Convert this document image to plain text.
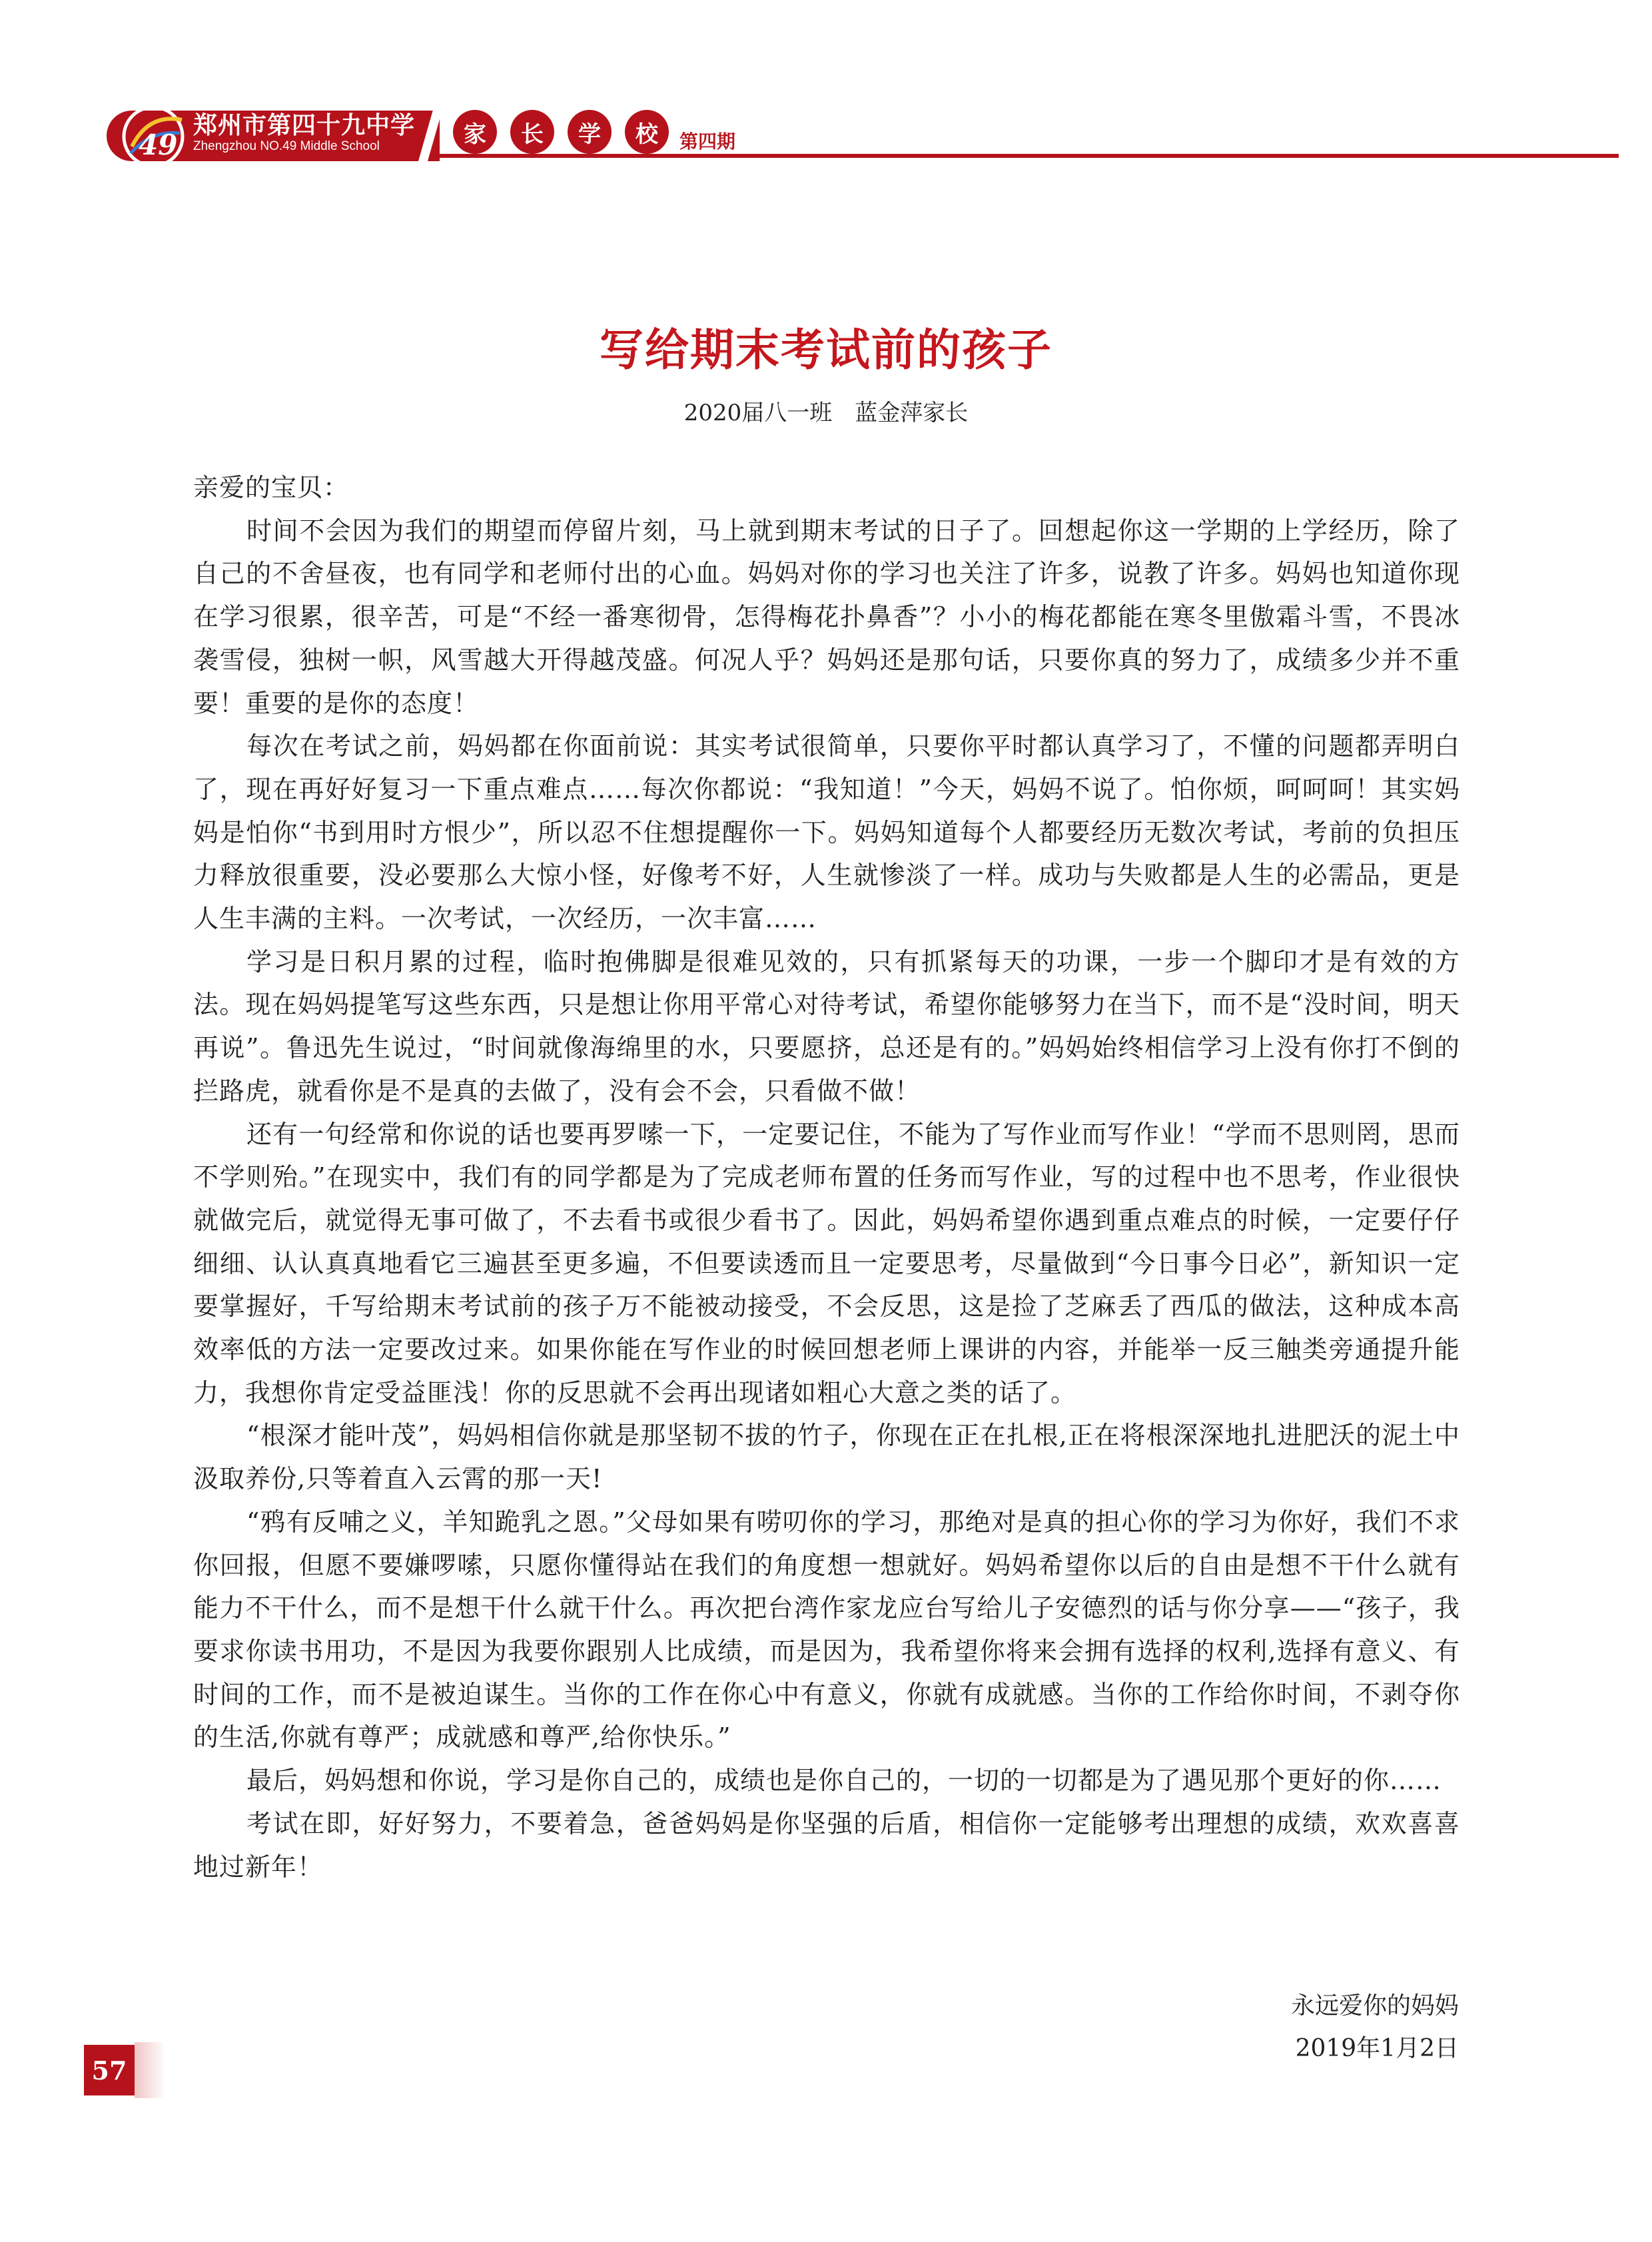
49
郑州市第四十九中学
Zhengzhou NO.49 Middle School	家	长	学	校	第四期
写给期末考试前的孩子
2020届八一班　蓝金萍家长

亲爱的宝贝：

时间不会因为我们的期望而停留片刻，马上就到期末考试的日子了。回想起你这一学期的上学经历，除了自己的不舍昼夜，也有同学和老师付出的心血。妈妈对你的学习也关注了许多，说教了许多。妈妈也知道你现在学习很累，很辛苦，可是“不经一番寒彻骨，怎得梅花扑鼻香”？小小的梅花都能在寒冬里傲霜斗雪，不畏冰袭雪侵，独树一帜，风雪越大开得越茂盛。何况人乎？妈妈还是那句话，只要你真的努力了，成绩多少并不重要！重要的是你的态度！

每次在考试之前，妈妈都在你面前说：其实考试很简单，只要你平时都认真学习了，不懂的问题都弄明白了，现在再好好复习一下重点难点……每次你都说：“我知道！”今天，妈妈不说了。怕你烦，呵呵呵！其实妈妈是怕你“书到用时方恨少”，所以忍不住想提醒你一下。妈妈知道每个人都要经历无数次考试，考前的负担压力释放很重要，没必要那么大惊小怪，好像考不好，人生就惨淡了一样。成功与失败都是人生的必需品，更是人生丰满的主料。一次考试，一次经历，一次丰富……

学习是日积月累的过程，临时抱佛脚是很难见效的，只有抓紧每天的功课，一步一个脚印才是有效的方法。现在妈妈提笔写这些东西，只是想让你用平常心对待考试，希望你能够努力在当下，而不是“没时间，明天再说”。鲁迅先生说过，“时间就像海绵里的水，只要愿挤，总还是有的。”妈妈始终相信学习上没有你打不倒的拦路虎，就看你是不是真的去做了，没有会不会，只看做不做！

还有一句经常和你说的话也要再罗嗦一下，一定要记住，不能为了写作业而写作业！“学而不思则罔，思而不学则殆。”在现实中，我们有的同学都是为了完成老师布置的任务而写作业，写的过程中也不思考，作业很快就做完后，就觉得无事可做了，不去看书或很少看书了。因此，妈妈希望你遇到重点难点的时候，一定要仔仔细细、认认真真地看它三遍甚至更多遍，不但要读透而且一定要思考，尽量做到“今日事今日必”，新知识一定要掌握好，千写给期末考试前的孩子万不能被动接受，不会反思，这是捡了芝麻丢了西瓜的做法，这种成本高效率低的方法一定要改过来。如果你能在写作业的时候回想老师上课讲的内容，并能举一反三触类旁通提升能力，我想你肯定受益匪浅！你的反思就不会再出现诸如粗心大意之类的话了。

“根深才能叶茂”，妈妈相信你就是那坚韧不拔的竹子，你现在正在扎根,正在将根深深地扎进肥沃的泥土中汲取养份,只等着直入云霄的那一天!

“鸦有反哺之义，羊知跪乳之恩。”父母如果有唠叨你的学习，那绝对是真的担心你的学习为你好，我们不求你回报，但愿不要嫌啰嗦，只愿你懂得站在我们的角度想一想就好。妈妈希望你以后的自由是想不干什么就有能力不干什么，而不是想干什么就干什么。再次把台湾作家龙应台写给儿子安德烈的话与你分享——“孩子，我要求你读书用功，不是因为我要你跟别人比成绩，而是因为，我希望你将来会拥有选择的权利,选择有意义、有时间的工作，而不是被迫谋生。当你的工作在你心中有意义，你就有成就感。当你的工作给你时间，不剥夺你的生活,你就有尊严；成就感和尊严,给你快乐。”

最后，妈妈想和你说，学习是你自己的，成绩也是你自己的，一切的一切都是为了遇见那个更好的你……

考试在即，好好努力，不要着急，爸爸妈妈是你坚强的后盾，相信你一定能够考出理想的成绩，欢欢喜喜地过新年！

永远爱你的妈妈
2019年1月2日
57
